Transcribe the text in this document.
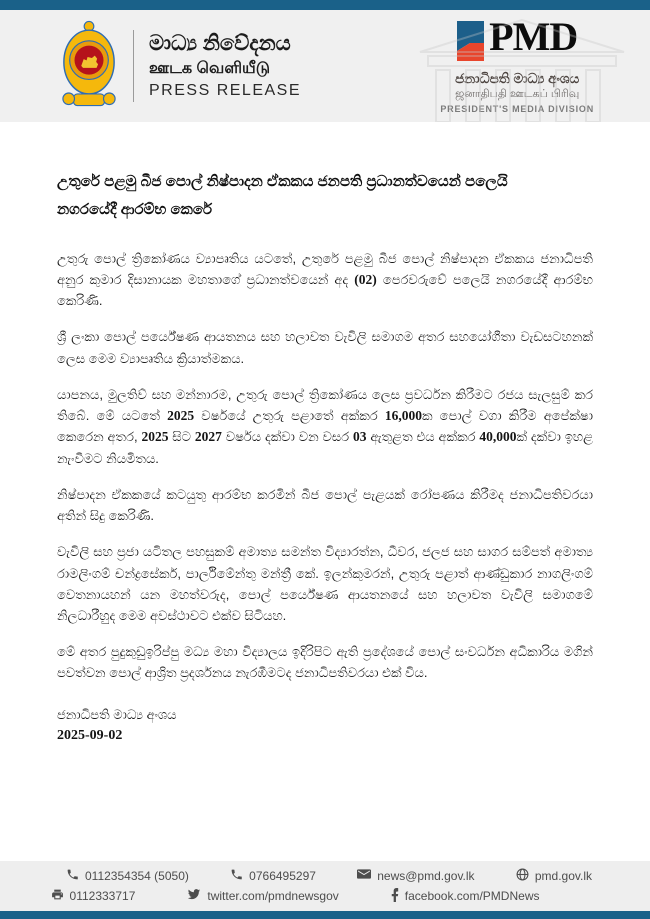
මාධ්‍ය නිවේදනය
ஊடக வெளியீடு
PRESS RELEASE
PMD
ජනාධිපති මාධ්‍ය අංශය
ஜனாதிபதி ஊடகப் பிரிவு
PRESIDENT'S MEDIA DIVISION
උතුරේ පළමු බීජ පොල් නිෂ්පාදන ඒකකය ජනපති ප්‍රධානත්වයෙන් පලෙයි නගරයේදී ආරම්භ කෙරේ

උතුරු පොල් ත්‍රිකෝණය ව්‍යාපෘතිය යටතේ, උතුරේ පළමු බීජ පොල් නිෂ්පාදන ඒකකය ජනාධිපති අනුර කුමාර දිසානායක මහතාගේ ප්‍රධානත්වයෙන් අද (02) පෙරවරුවේ පලෙයි නගරයේදී ආරම්භ කෙරිණි.

ශ්‍රී ලංකා පොල් පර්යේෂණ ආයතනය සහ හලාවත වැවිලි සමාගම අතර සහයෝගීතා වැඩසටහනක් ලෙස මෙම ව්‍යාපෘතිය ක්‍රියාත්මකය.

යාපනය, මුලතිව් සහ මන්නාරම, උතුරු පොල් ත්‍රිකෝණය ලෙස ප්‍රවර්ධන කිරීමට රජය සැලසුම් කර තිබේ. මේ යටතේ 2025 වර්ෂයේ උතුරු පළාතේ අක්කර 16,000ක පොල් වගා කිරීම අපේක්ෂා කෙරෙන අතර, 2025 සිට 2027 වර්ෂය දක්වා වන වසර 03 ඇතුළත එය අක්කර 40,000ක් දක්වා ඉහළ නැංවීමට නියමිතය.

නිෂ්පාදන ඒකකයේ කටයුතු ආරම්භ කරමින් බීජ පොල් පැළයක් රෝපණය කිරීමද ජනාධිපතිවරයා අතින් සිදු කෙරිණි.

වැවිලි සහ ප්‍රජා යටිතල පහසුකම් අමාත්‍ය සමන්ත විද්‍යාරත්න, ධීවර, ජලජ සහ සාගර සම්පත් අමාත්‍ය රාමලිංගම් චන්ද්‍රසේකර්, පාර්ලිමේන්තු මන්ත්‍රී කේ. ඉලන්කුමරන්, උතුරු පළාත් ආණ්ඩුකාර නාගලිංගම් වෙතනායහන් යන මහත්වරුද, පොල් පර්යේෂණ ආයතනයේ සහ හලාවත වැවිලි සමාගමේ නිලධාරීහුද මෙම අවස්ථාවට එක්ව සිටියහ.

මේ අතර පුදුකුඩුඉරිප්පු මධ්‍ය මහා විද්‍යාලය ඉදිරිපිට ඇති ප්‍රදේශයේ පොල් සංවර්ධන අධිකාරිය මගින් පවත්වන පොල් ආශ්‍රිත ප්‍රදර්ශනය නැරඹීමටද ජනාධිපතිවරයා එක් විය.

ජනාධිපති මාධ්‍ය අංශය
2025-09-02
0112354354 (5050)	0766495297	news@pmd.gov.lk	pmd.gov.lk
0112333717	twitter.com/pmdnewsgov	facebook.com/PMDNews
